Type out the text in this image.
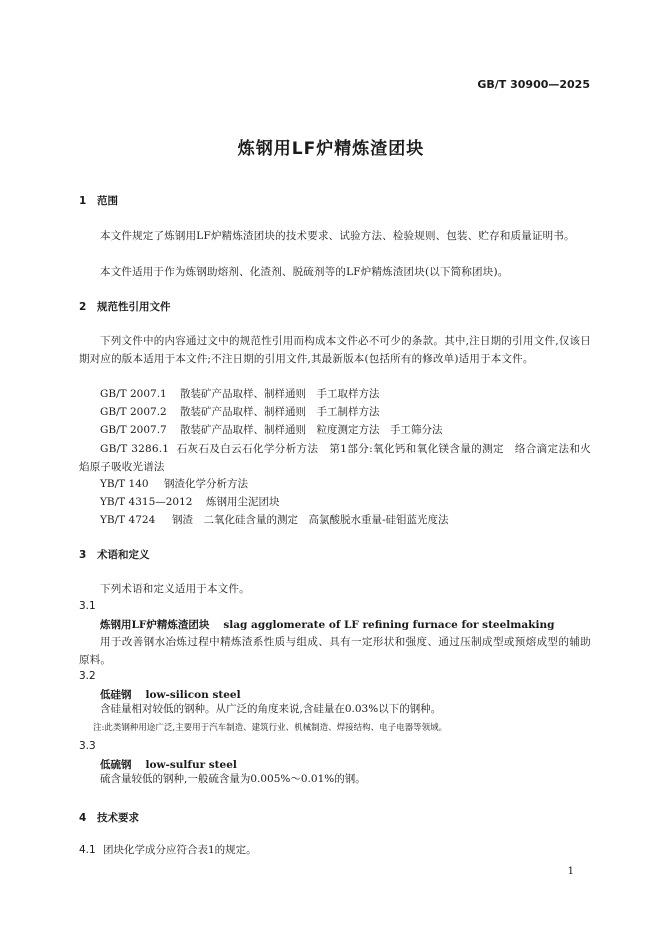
GB/T 30900—2025
炼钢用LF炉精炼渣团块
1 范围
本文件规定了炼钢用LF炉精炼渣团块的技术要求、试验方法、检验规则、包装、贮存和质量证明书。
本文件适用于作为炼钢助熔剂、化渣剂、脱硫剂等的LF炉精炼渣团块(以下简称团块)。
2 规范性引用文件
下列文件中的内容通过文中的规范性引用而构成本文件必不可少的条款。其中,注日期的引用文件,仅该日期对应的版本适用于本文件;不注日期的引用文件,其最新版本(包括所有的修改单)适用于本文件。
GB/T 2007.1 散装矿产品取样、制样通则　手工取样方法
GB/T 2007.2 散装矿产品取样、制样通则　手工制样方法
GB/T 2007.7 散装矿产品取样、制样通则　粒度测定方法　手工筛分法
GB/T 3286.1 石灰石及白云石化学分析方法　第1部分:氧化钙和氧化镁含量的测定　络合滴定法和火焰原子吸收光谱法
YB/T 140 钢渣化学分析方法
YB/T 4315—2012 炼钢用尘泥团块
YB/T 4724 钢渣　二氧化硅含量的测定　高氯酸脱水重量-硅钼蓝光度法
3 术语和定义
下列术语和定义适用于本文件。
3.1
炼钢用LF炉精炼渣团块 slag agglomerate of LF refining furnace for steelmaking
用于改善钢水冶炼过程中精炼渣系性质与组成、具有一定形状和强度、通过压制成型或预熔成型的辅助原料。
3.2
低硅钢 low-silicon steel
含硅量相对较低的钢种。从广泛的角度来说,含硅量在0.03%以下的钢种。
注:此类钢种用途广泛,主要用于汽车制造、建筑行业、机械制造、焊接结构、电子电器等领域。
3.3
低硫钢 low-sulfur steel
硫含量较低的钢种,一般硫含量为0.005%～0.01%的钢。
4 技术要求
4.1 团块化学成分应符合表1的规定。
1
